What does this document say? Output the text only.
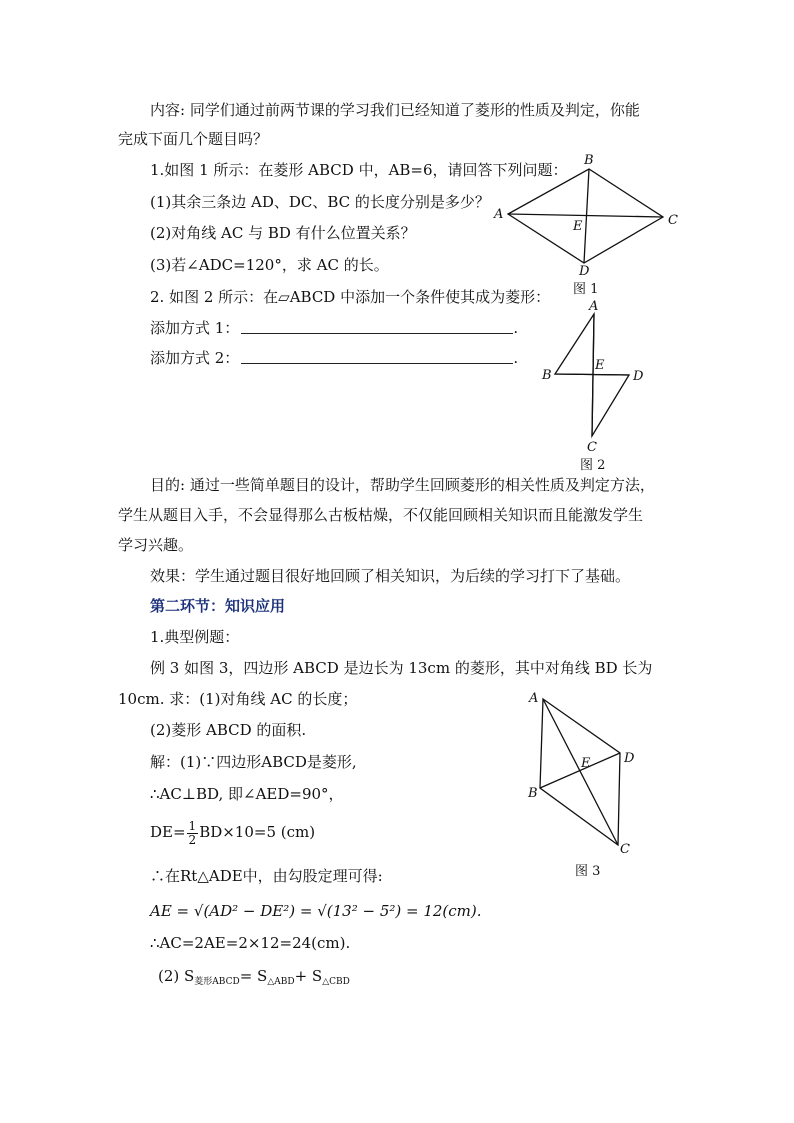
内容: 同学们通过前两节课的学习我们已经知道了菱形的性质及判定，你能
完成下面几个题目吗？
1.如图 1 所示：在菱形 ABCD 中，AB=6，请回答下列问题：
(1)其余三条边 AD、DC、BC 的长度分别是多少？
(2)对角线 AC 与 BD 有什么位置关系？
(3)若∠ADC=120°，求 AC 的长。
2. 如图 2 所示：在▱ABCD 中添加一个条件使其成为菱形：
添加方式 1：	.
添加方式 2：	.
目的: 通过一些简单题目的设计，帮助学生回顾菱形的相关性质及判定方法，
学生从题目入手，不会显得那么古板枯燥，不仅能回顾相关知识而且能激发学生
学习兴趣。
效果：学生通过题目很好地回顾了相关知识，为后续的学习打下了基础。
第二环节：知识应用
1.典型例题：
例 3 如图 3，四边形 ABCD 是边长为 13cm 的菱形，其中对角线 BD 长为
10cm. 求：(1)对角线 AC 的长度；
(2)菱形 ABCD 的面积.
解：(1)∵四边形ABCD是菱形,
∴AC⊥BD, 即∠AED=90°，
$DE= \frac{1}{2} BD\times 10=5$ (cm)
∴在Rt△ADE中，由勾股定理可得:
AE = √(AD² − DE²) = √(13² − 5²) = 12(cm).
∴AC=2AE=2×12=24(cm).
(2) $S_{菱形ABCD}= S_{\triangle ABD}+ S_{\triangle CBD}$
B
A	C
E
D
图 1
A
E
B	D
C
图 2
A
E	D
B
C
图 3
